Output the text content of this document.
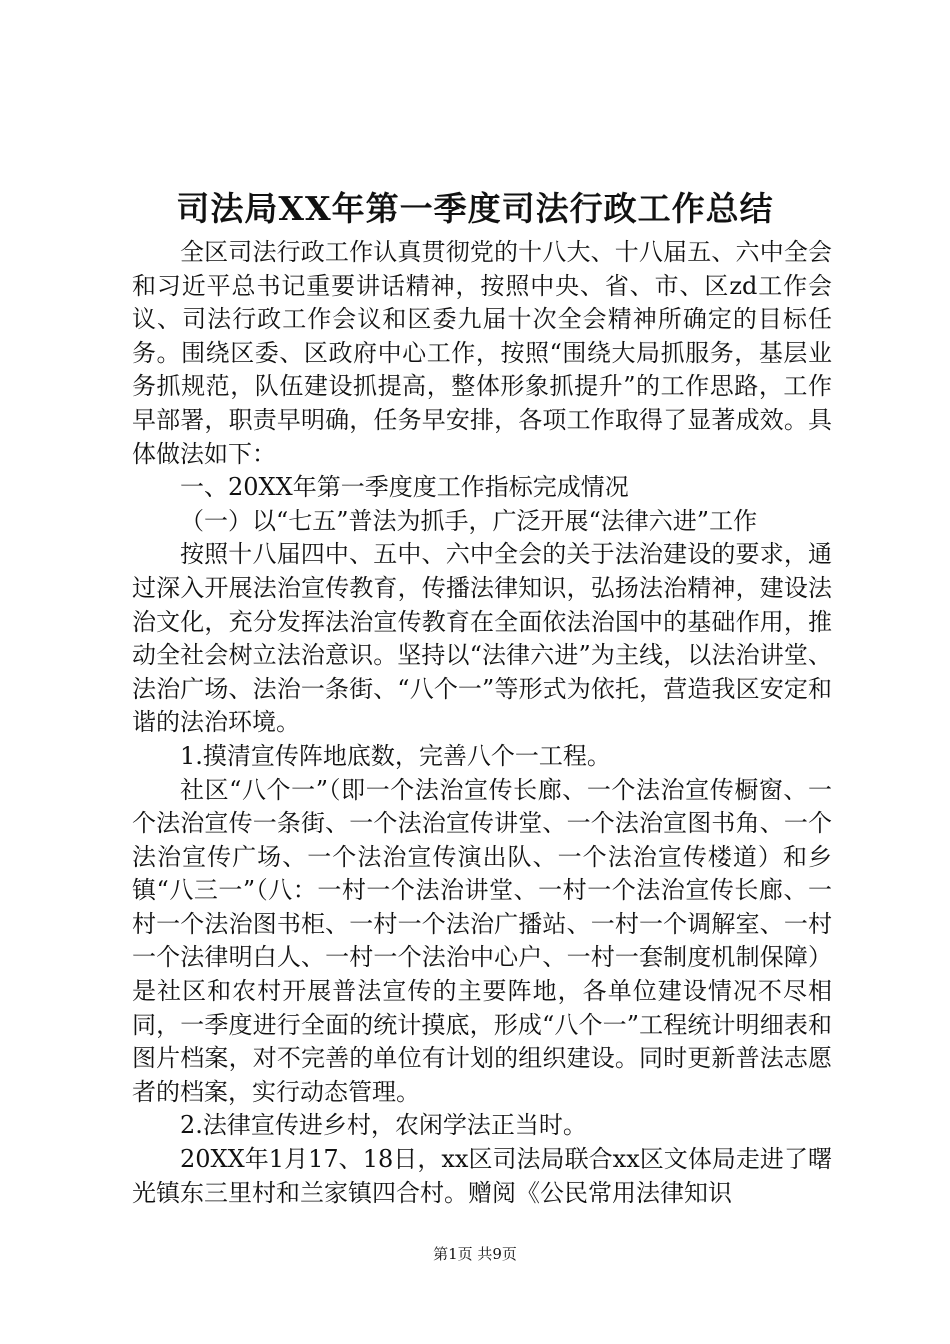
司法局XX年第一季度司法行政工作总结

全区司法行政工作认真贯彻党的十八大、十八届五、六中全会和习近平总书记重要讲话精神，按照中央、省、市、区zd工作会议、司法行政工作会议和区委九届十次全会精神所确定的目标任务。围绕区委、区政府中心工作，按照“围绕大局抓服务，基层业务抓规范，队伍建设抓提高，整体形象抓提升”的工作思路，工作早部署，职责早明确，任务早安排，各项工作取得了显著成效。具体做法如下：

一、20XX年第一季度度工作指标完成情况

（一）以“七五”普法为抓手，广泛开展“法律六进”工作

按照十八届四中、五中、六中全会的关于法治建设的要求，通过深入开展法治宣传教育，传播法律知识，弘扬法治精神，建设法治文化，充分发挥法治宣传教育在全面依法治国中的基础作用，推动全社会树立法治意识。坚持以“法律六进”为主线，以法治讲堂、法治广场、法治一条街、“八个一”等形式为依托，营造我区安定和谐的法治环境。

1.摸清宣传阵地底数，完善八个一工程。

社区“八个一”（即一个法治宣传长廊、一个法治宣传橱窗、一个法治宣传一条街、一个法治宣传讲堂、一个法治宣图书角、一个法治宣传广场、一个法治宣传演出队、一个法治宣传楼道）和乡镇“八三一”（八：一村一个法治讲堂、一村一个法治宣传长廊、一村一个法治图书柜、一村一个法治广播站、一村一个调解室、一村一个法律明白人、一村一个法治中心户、一村一套制度机制保障）是社区和农村开展普法宣传的主要阵地，各单位建设情况不尽相同，一季度进行全面的统计摸底，形成“八个一”工程统计明细表和图片档案，对不完善的单位有计划的组织建设。同时更新普法志愿者的档案，实行动态管理。

2.法律宣传进乡村，农闲学法正当时。

20XX年1月17、18日，xx区司法局联合xx区文体局走进了曙光镇东三里村和兰家镇四合村。赠阅《公民常用法律知识

第1页 共9页
